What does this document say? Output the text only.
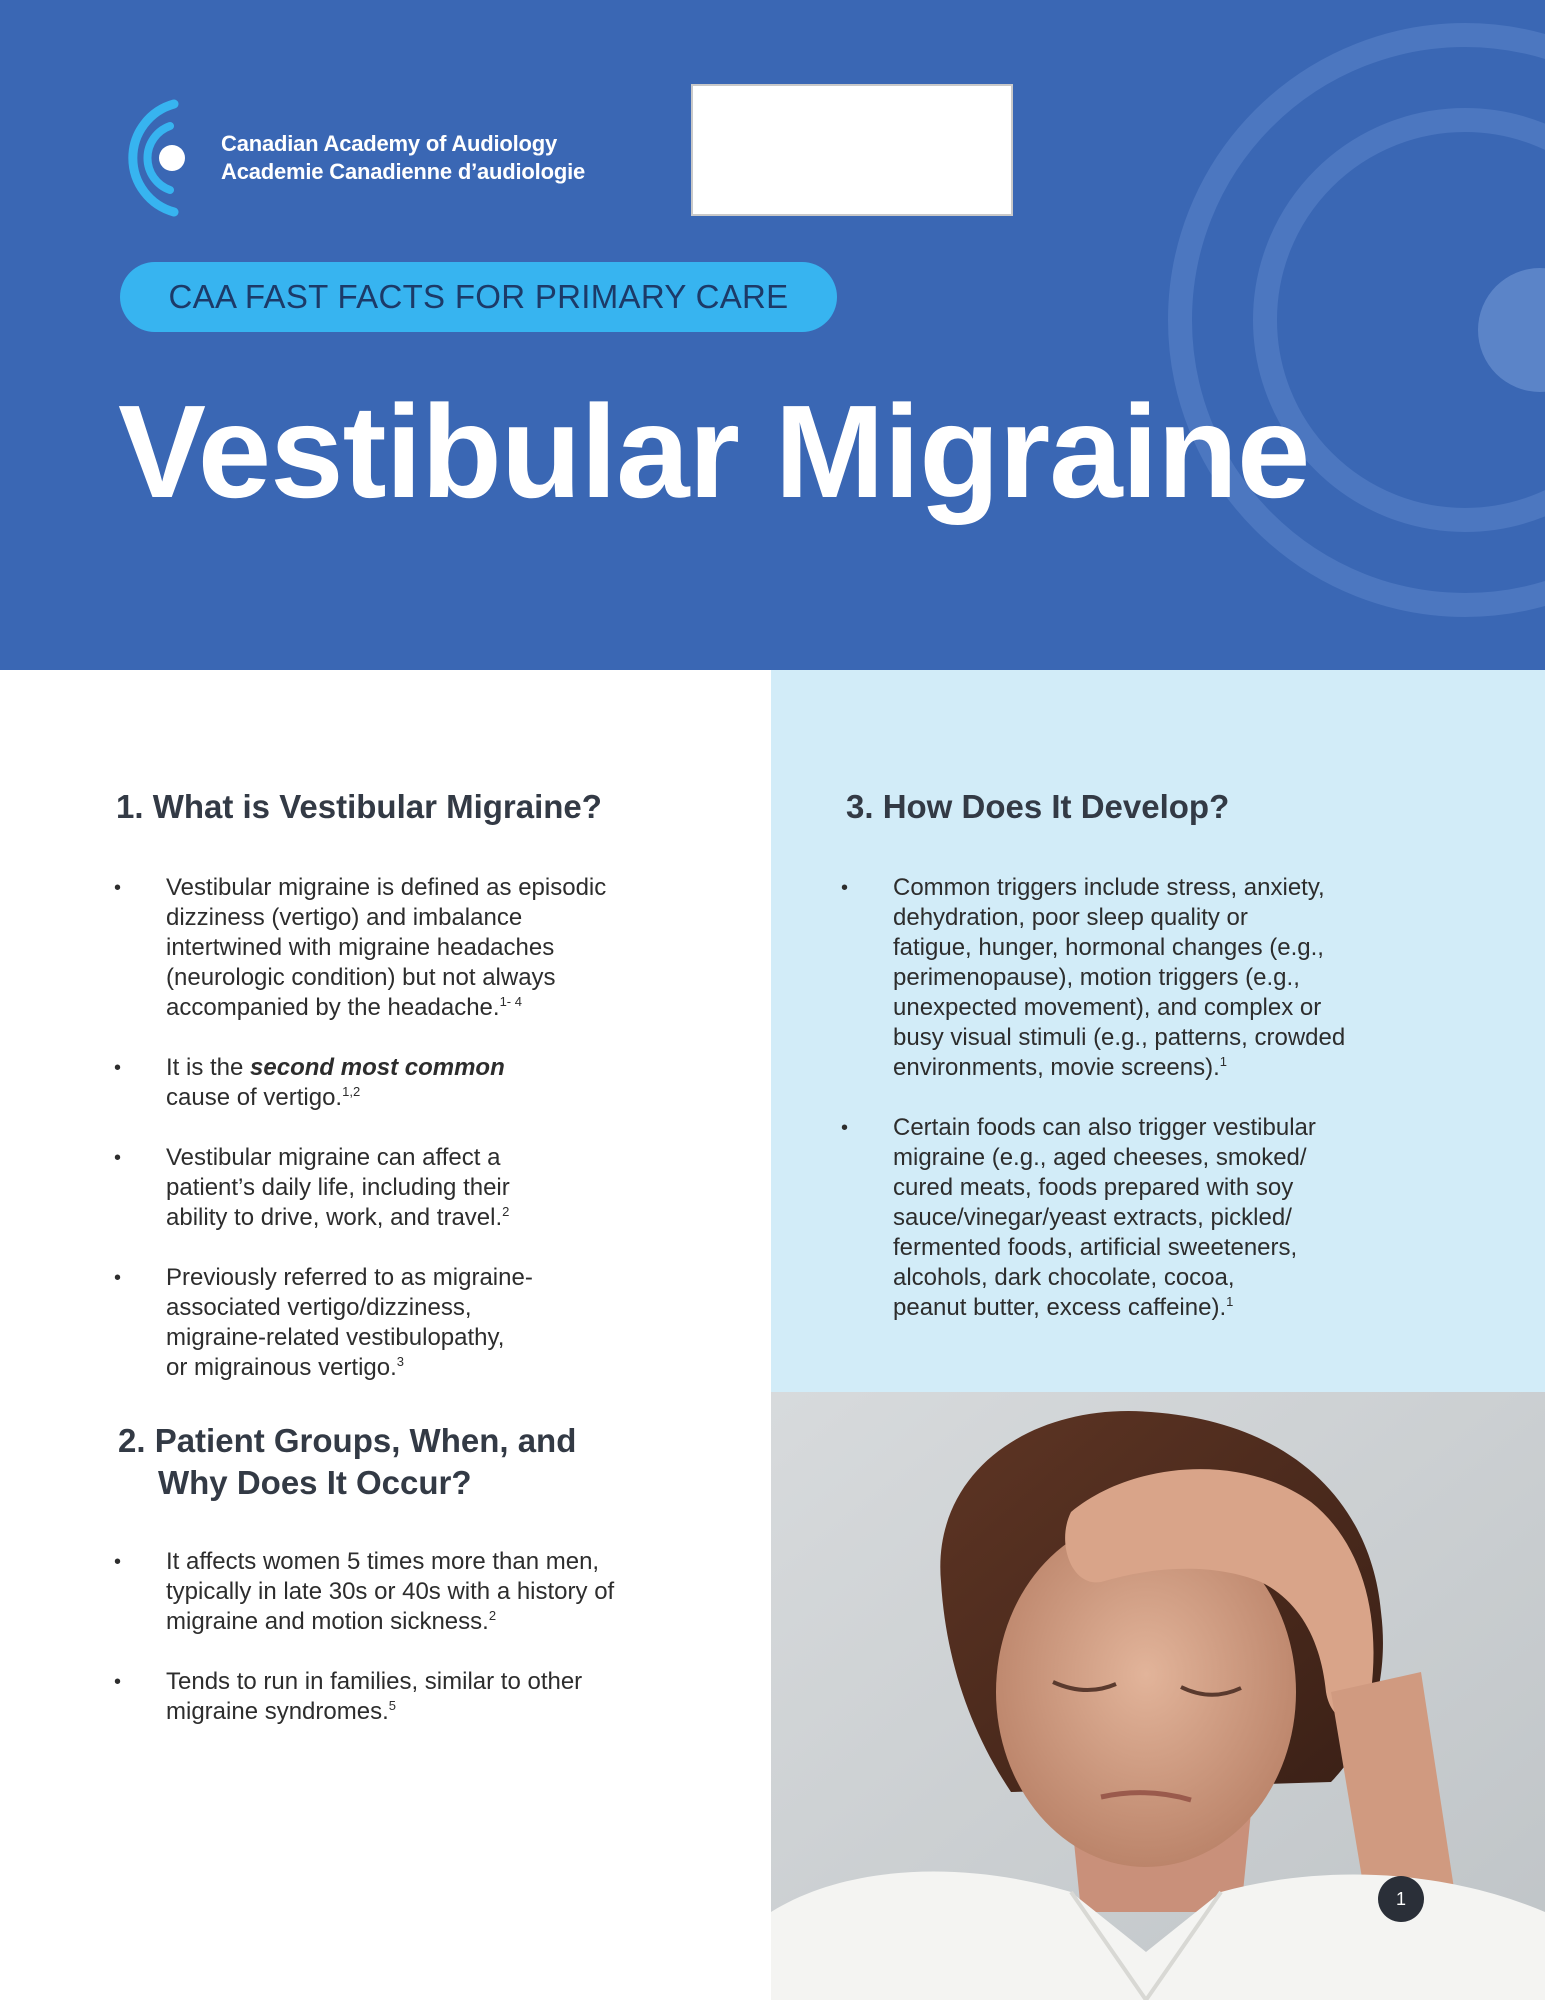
Canadian Academy of Audiology
Academie Canadienne d’audiologie
CAA FAST FACTS FOR PRIMARY CARE
Vestibular Migraine
1. What is Vestibular Migraine?
• Vestibular migraine is defined as episodic
dizziness (vertigo) and imbalance
intertwined with migraine headaches
(neurologic condition) but not always
accompanied by the headache.$^{1- 4}$
• It is the second most common
cause of vertigo.$^{1,2}$
• Vestibular migraine can affect a
patient’s daily life, including their
ability to drive, work, and travel.$^2$
• Previously referred to as migraine-
associated vertigo/dizziness,
migraine-related vestibulopathy,
or migrainous vertigo.$^3$
2. Patient Groups, When, and
Why Does It Occur?
• It affects women 5 times more than men,
typically in late 30s or 40s with a history of
migraine and motion sickness.$^2$
• Tends to run in families, similar to other
migraine syndromes.$^5$
3. How Does It Develop?
• Common triggers include stress, anxiety,
dehydration, poor sleep quality or
fatigue, hunger, hormonal changes (e.g.,
perimenopause), motion triggers (e.g.,
unexpected movement), and complex or
busy visual stimuli (e.g., patterns, crowded
environments, movie screens).$^1$
• Certain foods can also trigger vestibular
migraine (e.g., aged cheeses, smoked/
cured meats, foods prepared with soy
sauce/vinegar/yeast extracts, pickled/
fermented foods, artificial sweeteners,
alcohols, dark chocolate, cocoa,
peanut butter, excess caffeine).$^1$
1
